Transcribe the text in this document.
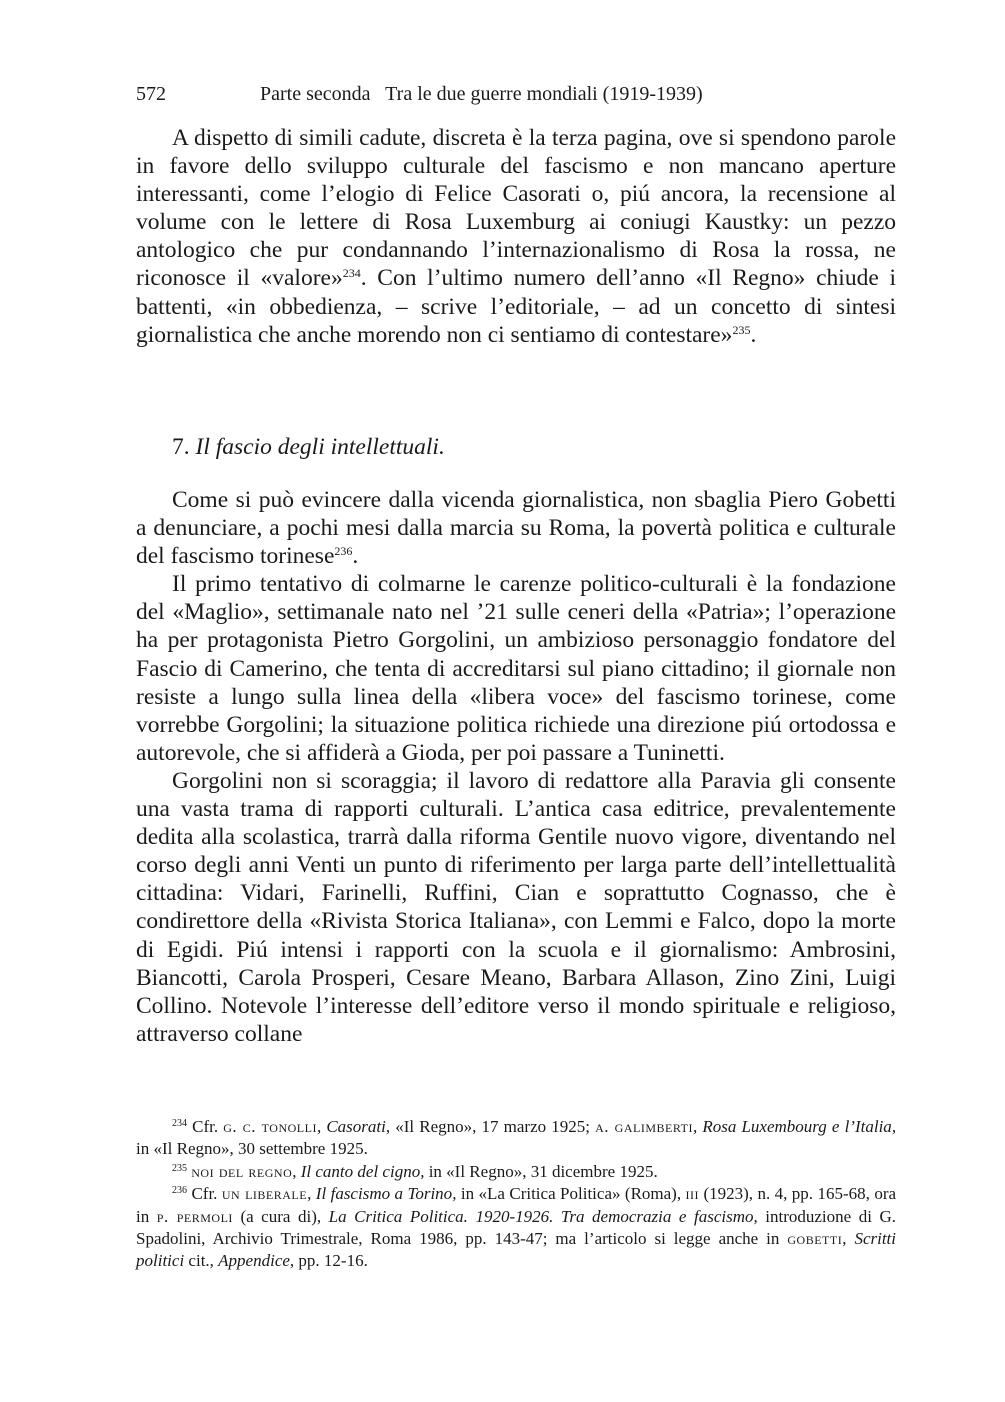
572	Parte seconda   Tra le due guerre mondiali (1919-1939)

A dispetto di simili cadute, discreta è la terza pagina, ove si spendono parole in favore dello sviluppo culturale del fascismo e non mancano aperture interessanti, come l’elogio di Felice Casorati o, piú ancora, la recensione al volume con le lettere di Rosa Luxemburg ai coniugi Kaustky: un pezzo antologico che pur condannando l’internazionalismo di Rosa la rossa, ne riconosce il «valore»$^{234}$. Con l’ultimo numero dell’anno «Il Regno» chiude i battenti, «in obbedienza, – scrive l’editoriale, – ad un concetto di sintesi giornalistica che anche morendo non ci sentiamo di contestare»$^{235}$.

7. Il fascio degli intellettuali.

Come si può evincere dalla vicenda giornalistica, non sbaglia Piero Gobetti a denunciare, a pochi mesi dalla marcia su Roma, la povertà politica e culturale del fascismo torinese$^{236}$.

Il primo tentativo di colmarne le carenze politico-culturali è la fondazione del «Maglio», settimanale nato nel ’21 sulle ceneri della «Patria»; l’operazione ha per protagonista Pietro Gorgolini, un ambizioso personaggio fondatore del Fascio di Camerino, che tenta di accreditarsi sul piano cittadino; il giornale non resiste a lungo sulla linea della «libera voce» del fascismo torinese, come vorrebbe Gorgolini; la situazione politica richiede una direzione piú ortodossa e autorevole, che si affiderà a Gioda, per poi passare a Tuninetti.

Gorgolini non si scoraggia; il lavoro di redattore alla Paravia gli consente una vasta trama di rapporti culturali. L’antica casa editrice, prevalentemente dedita alla scolastica, trarrà dalla riforma Gentile nuovo vigore, diventando nel corso degli anni Venti un punto di riferimento per larga parte dell’intellettualità cittadina: Vidari, Farinelli, Ruffini, Cian e soprattutto Cognasso, che è condirettore della «Rivista Storica Italiana», con Lemmi e Falco, dopo la morte di Egidi. Piú intensi i rapporti con la scuola e il giornalismo: Ambrosini, Biancotti, Carola Prosperi, Cesare Meano, Barbara Allason, Zino Zini, Luigi Collino. Notevole l’interesse dell’editore verso il mondo spirituale e religioso, attraverso collane

$^{234}$ Cfr. g. c. tonolli, Casorati, «Il Regno», 17 marzo 1925; a. galimberti, Rosa Luxembourg e l’Italia, in «Il Regno», 30 settembre 1925.

$^{235}$ noi del regno, Il canto del cigno, in «Il Regno», 31 dicembre 1925.

$^{236}$ Cfr. un liberale, Il fascismo a Torino, in «La Critica Politica» (Roma), iii (1923), n. 4, pp. 165-68, ora in p. permoli (a cura di), La Critica Politica. 1920-1926. Tra democrazia e fascismo, introduzione di G. Spadolini, Archivio Trimestrale, Roma 1986, pp. 143-47; ma l’articolo si legge anche in gobetti, Scritti politici cit., Appendice, pp. 12-16.
